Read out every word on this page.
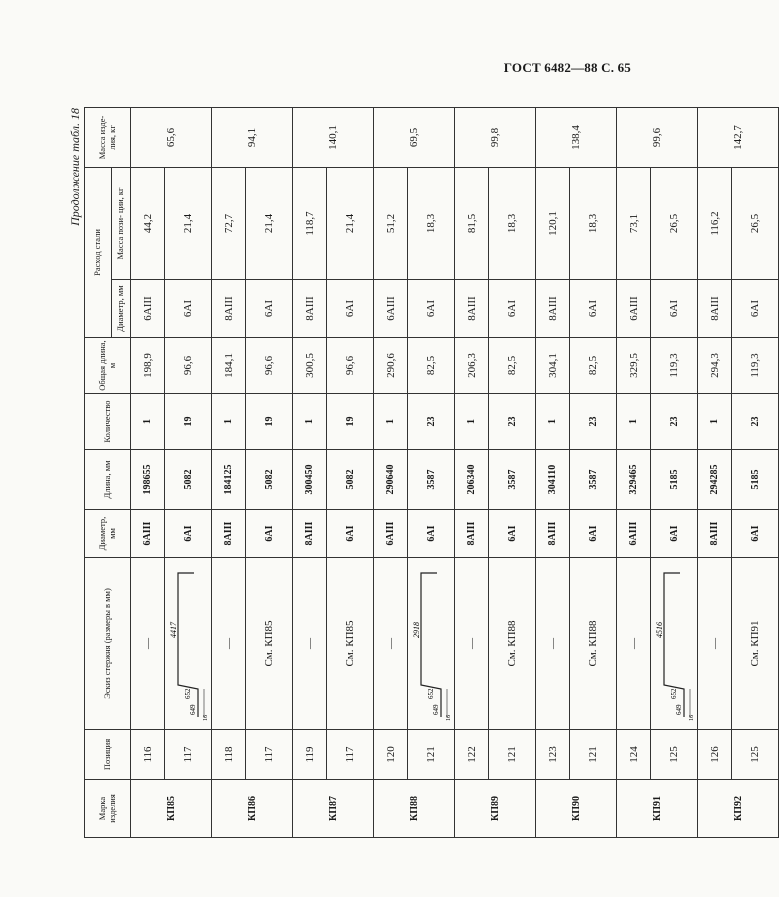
ГОСТ 6482—88 С. 65
Продолжение табл. 18
Марка изделия	Позиция	Эскиз стержня (размеры в мм)	Диаметр, мм	Длина, мм	Количество	Общая длина, м	Расход стали		Масса изде- лия, кг
							Диаметр, мм	Масса пози- ции, кг	
КП85	116	—	6AIII	198655	1	198,9	6AIII	44,2	65,6
	117	649
652
4417
16	6AI	5082	19	96,6	6AI	21,4	
КП86	118	—	8AIII	184125	1	184,1	8AIII	72,7	94,1
	117	См. КП85	6AI	5082	19	96,6	6AI	21,4	
КП87	119	—	8AIII	300450	1	300,5	8AIII	118,7	140,1
	117	См. КП85	6AI	5082	19	96,6	6AI	21,4	
КП88	120	—	6AIII	290640	1	290,6	6AIII	51,2	69,5
	121	649
652
2918
16	6AI	3587	23	82,5	6AI	18,3	
КП89	122	—	8AIII	206340	1	206,3	8AIII	81,5	99,8
	121	См. КП88	6AI	3587	23	82,5	6AI	18,3	
КП90	123	—	8AIII	304110	1	304,1	8AIII	120,1	138,4
	121	См. КП88	6AI	3587	23	82,5	6AI	18,3	
КП91	124	—	6AIII	329465	1	329,5	6AIII	73,1	99,6
	125	649
652
4516
16	6AI	5185	23	119,3	6AI	26,5	
КП92	126	—	8AIII	294285	1	294,3	8AIII	116,2	142,7
	125	См. КП91	6AI	5185	23	119,3	6AI	26,5	
